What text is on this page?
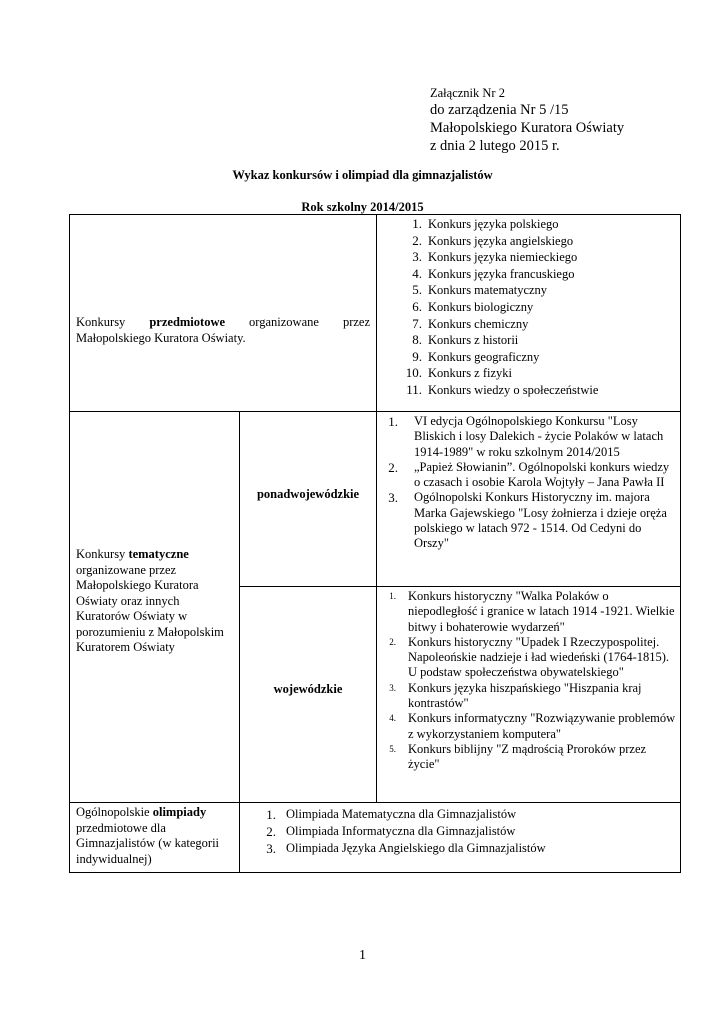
Załącznik Nr 2
do zarządzenia Nr 5 /15
Małopolskiego Kuratora Oświaty
z dnia 2 lutego 2015 r.
Wykaz konkursów i olimpiad dla gimnazjalistów
Rok szkolny 2014/2015
Konkursy przedmiotowe organizowane przez Małopolskiego Kuratora Oświaty.
1. Konkurs języka polskiego
2. Konkurs języka angielskiego
3. Konkurs języka niemieckiego
4. Konkurs języka francuskiego
5. Konkurs matematyczny
6. Konkurs biologiczny
7. Konkurs chemiczny
8. Konkurs z historii
9. Konkurs geograficzny
10. Konkurs z fizyki
11. Konkurs wiedzy o społeczeństwie
Konkursy tematyczne
organizowane przez Małopolskiego Kuratora Oświaty oraz innych Kuratorów Oświaty w porozumieniu z Małopolskim Kuratorem Oświaty
ponadwojewódzkie
wojewódzkie
1. VI edycja Ogólnopolskiego Konkursu "Losy Bliskich i losy Dalekich - życie Polaków w latach 1914-1989" w roku szkolnym 2014/2015
2. „Papież Słowianin”. Ogólnopolski konkurs wiedzy o czasach i osobie Karola Wojtyły – Jana Pawła II
3. Ogólnopolski Konkurs Historyczny im. majora Marka Gajewskiego "Losy żołnierza i dzieje oręża polskiego w latach 972 - 1514. Od Cedyni do Orszy"
1. Konkurs historyczny "Walka Polaków o niepodległość i granice w latach 1914 -1921. Wielkie bitwy i bohaterowie wydarzeń"
2. Konkurs historyczny "Upadek I Rzeczypospolitej. Napoleońskie nadzieje i ład wiedeński (1764-1815). U podstaw społeczeństwa obywatelskiego"
3. Konkurs języka hiszpańskiego "Hiszpania kraj kontrastów"
4. Konkurs informatyczny "Rozwiązywanie problemów z wykorzystaniem komputera"
5. Konkurs biblijny "Z mądrością Proroków przez życie"
Ogólnopolskie olimpiady
przedmiotowe dla Gimnazjalistów (w kategorii indywidualnej)
1. Olimpiada Matematyczna dla Gimnazjalistów
2. Olimpiada Informatyczna dla Gimnazjalistów
3. Olimpiada Języka Angielskiego dla Gimnazjalistów
1
